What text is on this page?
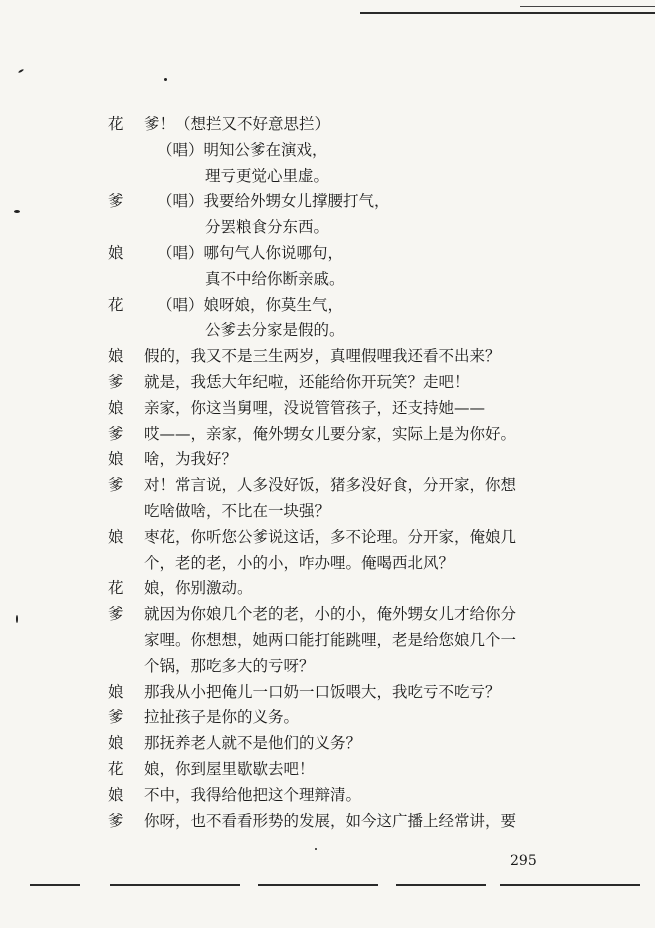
花	爹！（想拦又不好意思拦）
（唱）明知公爹在演戏，
理亏更觉心里虚。
爹	（唱）我要给外甥女儿撑腰打气，
分罢粮食分东西。
娘	（唱）哪句气人你说哪句，
真不中给你断亲戚。
花	（唱）娘呀娘，你莫生气，
公爹去分家是假的。
娘	假的，我又不是三生两岁，真哩假哩我还看不出来？
爹	就是，我恁大年纪啦，还能给你开玩笑？走吧！
娘	亲家，你这当舅哩，没说管管孩子，还支持她——
爹	哎——，亲家，俺外甥女儿要分家，实际上是为你好。
娘	啥，为我好？
爹	对！常言说，人多没好饭，猪多没好食，分开家，你想
吃啥做啥，不比在一块强？
娘	枣花，你听您公爹说这话，多不论理。分开家，俺娘几
个，老的老，小的小，咋办哩。俺喝西北风？
花	娘，你别激动。
爹	就因为你娘几个老的老，小的小，俺外甥女儿才给你分
家哩。你想想，她两口能打能跳哩，老是给您娘几个一
个锅，那吃多大的亏呀？
娘	那我从小把俺儿一口奶一口饭喂大，我吃亏不吃亏？
爹	拉扯孩子是你的义务。
娘	那抚养老人就不是他们的义务？
花	娘，你到屋里歇歇去吧！
娘	不中，我得给他把这个理辩清。
爹	你呀，也不看看形势的发展，如今这广播上经常讲，要
295
